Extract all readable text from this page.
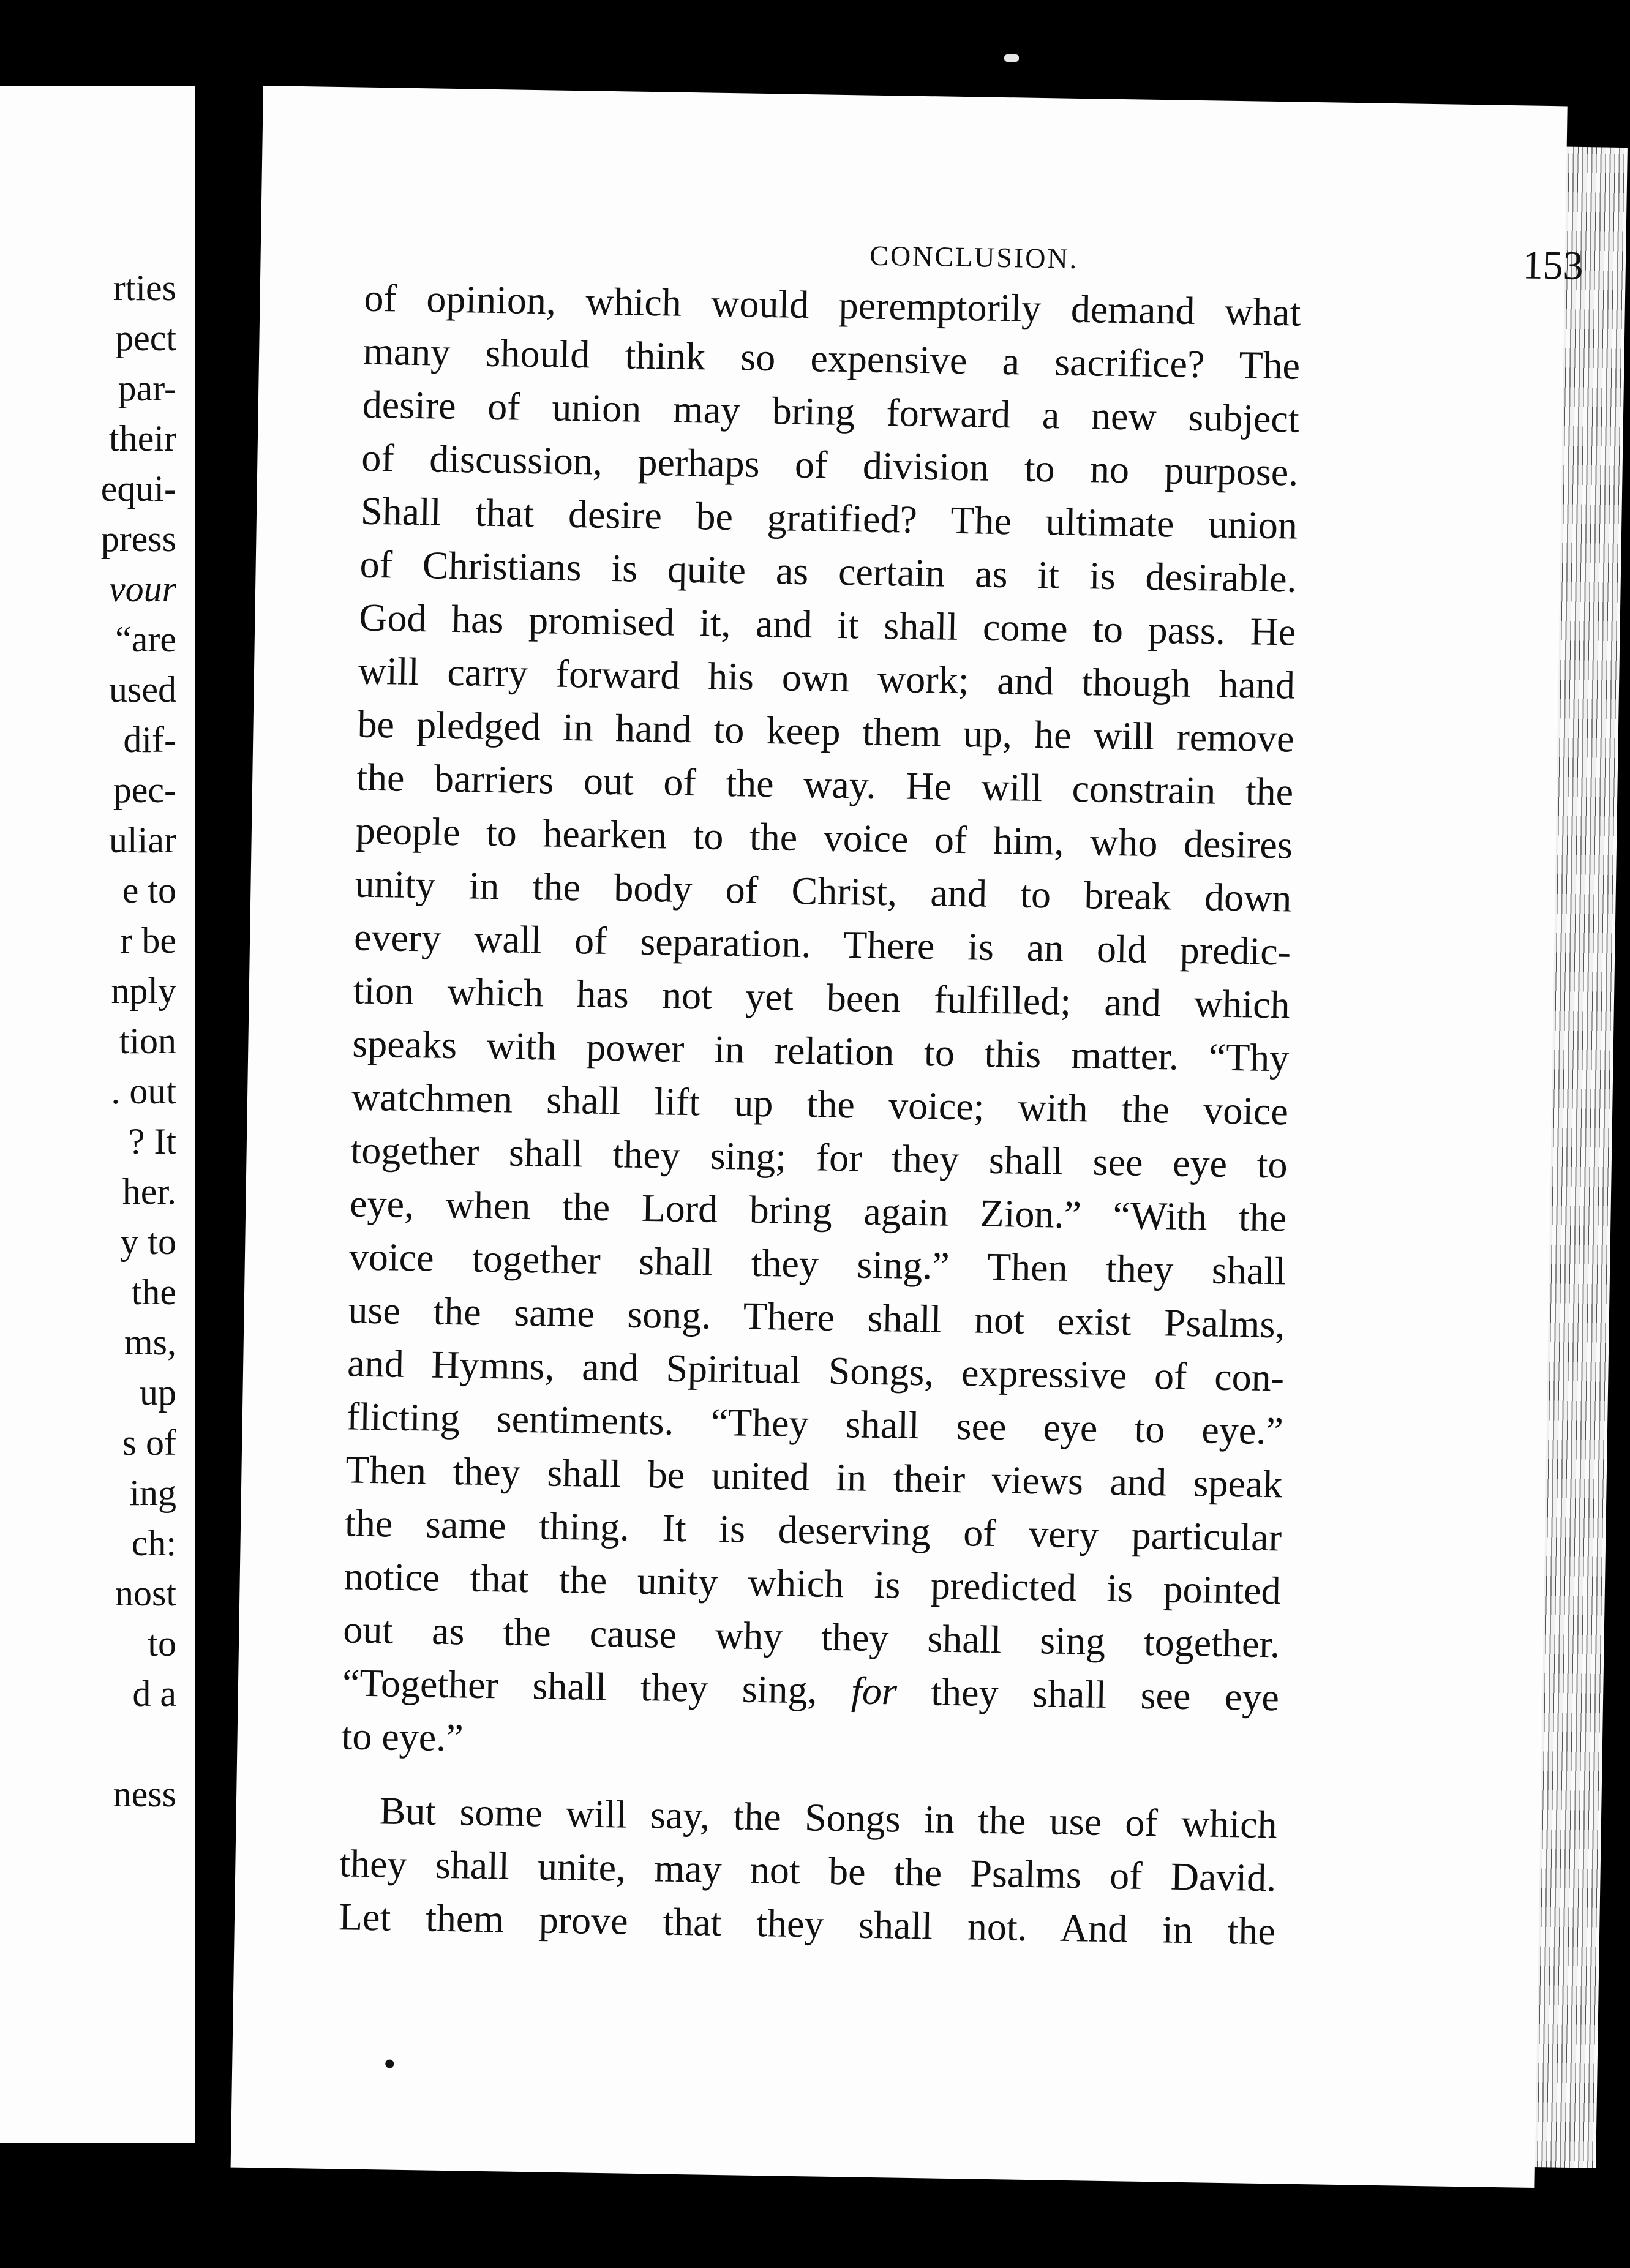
rties
pect
par-
their
equi-
press
vour
“are
used
dif-
pec-
uliar
e to
r be
nply
tion
. out
? It
her.
y to
the
ms,
up
s of
ing
ch:
nost
to
d a
ness
CONCLUSION.	153
of opinion, which would peremptorily demand what
many should think so expensive a sacrifice? The
desire of union may bring forward a new subject
of discussion, perhaps of division to no purpose.
Shall that desire be gratified? The ultimate union
of Christians is quite as certain as it is desirable.
God has promised it, and it shall come to pass. He
will carry forward his own work; and though hand
be pledged in hand to keep them up, he will remove
the barriers out of the way. He will constrain the
people to hearken to the voice of him, who desires
unity in the body of Christ, and to break down
every wall of separation. There is an old predic-
tion which has not yet been fulfilled; and which
speaks with power in relation to this matter. “Thy
watchmen shall lift up the voice; with the voice
together shall they sing; for they shall see eye to
eye, when the Lord bring again Zion.” “With the
voice together shall they sing.” Then they shall
use the same song. There shall not exist Psalms,
and Hymns, and Spiritual Songs, expressive of con-
flicting sentiments. “They shall see eye to eye.”
Then they shall be united in their views and speak
the same thing. It is deserving of very particular
notice that the unity which is predicted is pointed
out as the cause why they shall sing together.
“Together shall they sing, for they shall see eye
to eye.”
But some will say, the Songs in the use of which
they shall unite, may not be the Psalms of David.
Let them prove that they shall not. And in the
